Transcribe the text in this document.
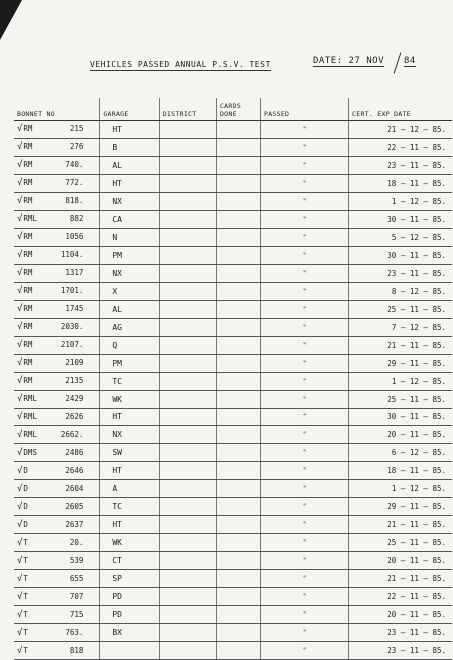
VEHICLES PASSED ANNUAL P.S.V. TEST	DATE: 27 NOV 84
BONNET NO	GARAGE	DISTRICT	CARDS DONE	PASSED	CERT. EXP DATE
√RM 215	HT			"	21 – 12 – 85.
√RM 276	B			"	22 – 11 – 85.
√RM 740.	AL			"	23 – 11 – 85.
√RM 772.	HT			"	18 – 11 – 85.
√RM 818.	NX			"	1 – 12 – 85.
√RML 882	CA			"	30 – 11 – 85.
√RM 1056	N			"	5 – 12 – 85.
√RM 1104.	PM			"	30 – 11 – 85.
√RM 1317	NX			"	23 – 11 – 85.
√RM 1701.	X			"	8 – 12 – 85.
√RM 1745	AL			"	25 – 11 – 85.
√RM 2030.	AG			"	7 – 12 – 85.
√RM 2107.	Q			"	21 – 11 – 85.
√RM 2109	PM			"	29 – 11 – 85.
√RM 2135	TC			"	1 – 12 – 85.
√RML 2429	WK			"	25 – 11 – 85.
√RML 2626	HT			"	30 – 11 – 85.
√RML 2662.	NX			"	20 – 11 – 85.
√DMS 2486	SW			"	6 – 12 – 85.
√D 2646	HT			"	18 – 11 – 85.
√D 2604	A			"	1 – 12 – 85.
√D 2605	TC			"	29 – 11 – 85.
√D 2637	HT			"	21 – 11 – 85.
√T 20.	WK			"	25 – 11 – 85.
√T 539	CT			"	20 – 11 – 85.
√T 655	SP			"	21 – 11 – 85.
√T 707	PD			"	22 – 11 – 85.
√T 715	PD			"	20 – 11 – 85.
√T 763.	BX			"	23 – 11 – 85.
√T 818				"	23 – 11 – 85.
